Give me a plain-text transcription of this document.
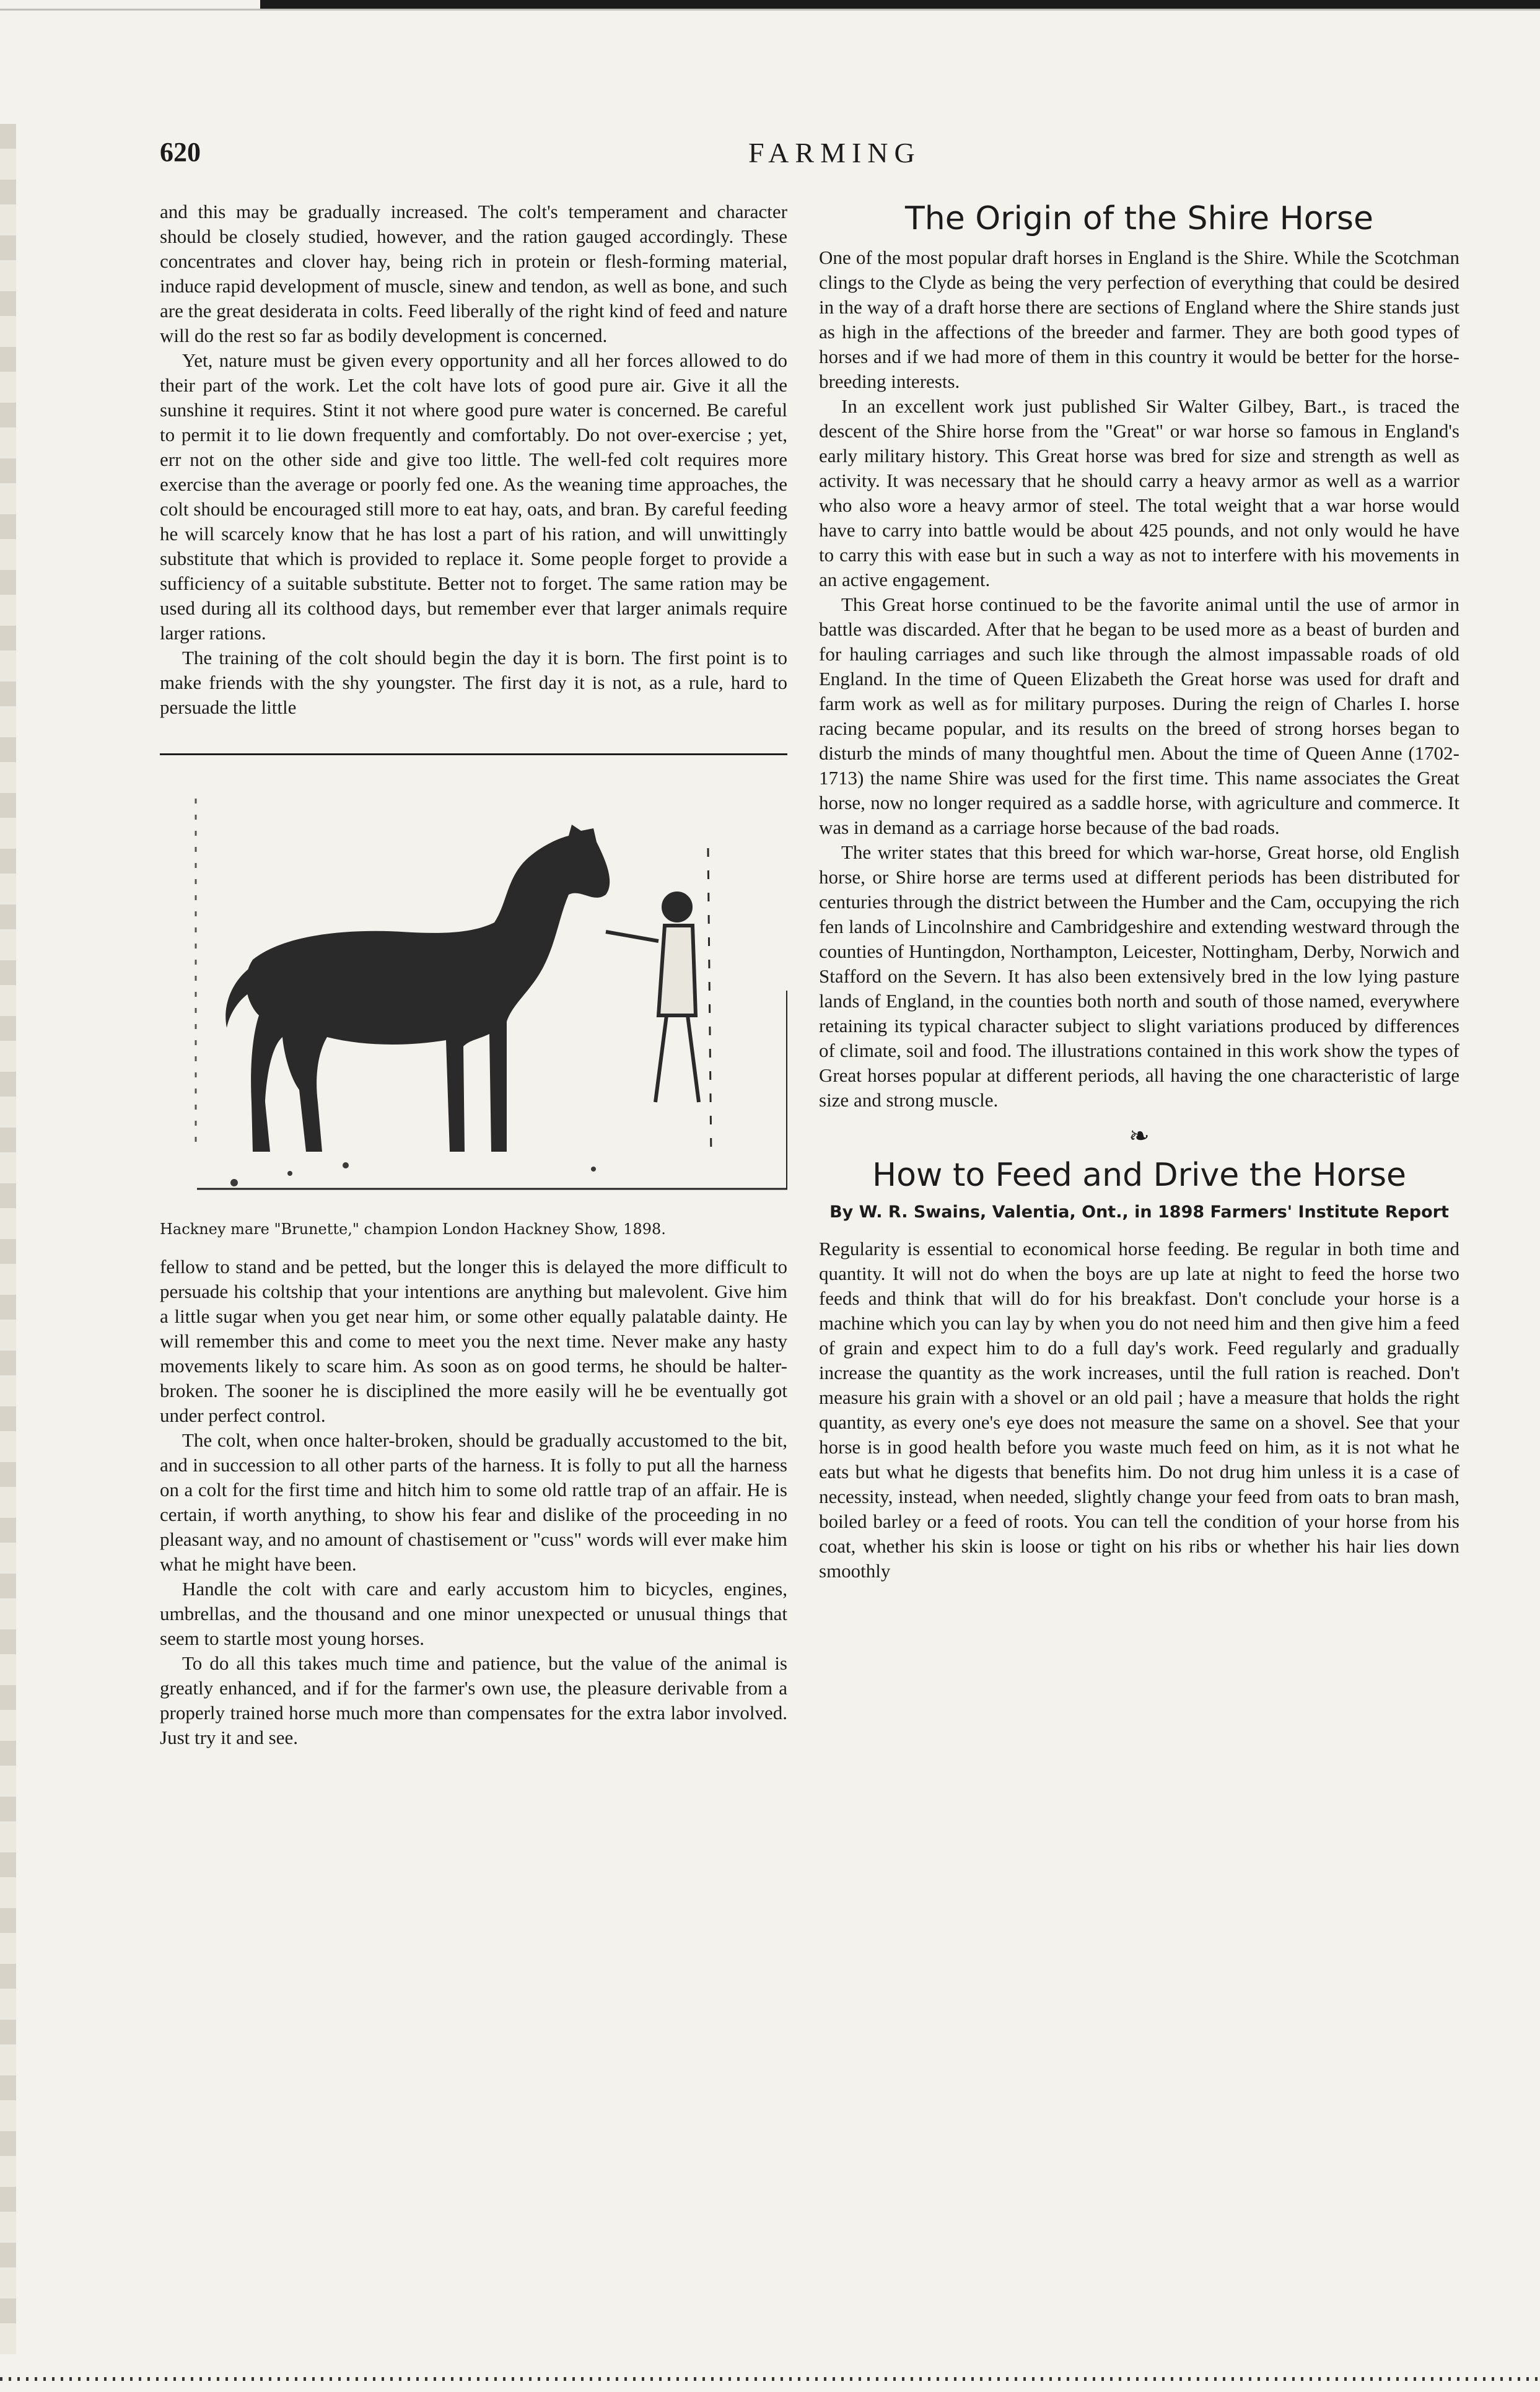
620	FARMING

and this may be gradually increased. The colt's temperament and character should be closely studied, however, and the ration gauged accordingly. These concentrates and clover hay, being rich in protein or flesh-forming material, induce rapid development of muscle, sinew and tendon, as well as bone, and such are the great desiderata in colts. Feed liberally of the right kind of feed and nature will do the rest so far as bodily development is concerned.

Yet, nature must be given every opportunity and all her forces allowed to do their part of the work. Let the colt have lots of good pure air. Give it all the sunshine it requires. Stint it not where good pure water is concerned. Be careful to permit it to lie down frequently and comfortably. Do not over-exercise ; yet, err not on the other side and give too little. The well-fed colt requires more exercise than the average or poorly fed one. As the weaning time approaches, the colt should be encouraged still more to eat hay, oats, and bran. By careful feeding he will scarcely know that he has lost a part of his ration, and will unwittingly substitute that which is provided to replace it. Some people forget to provide a sufficiency of a suitable substitute. Better not to forget. The same ration may be used during all its colthood days, but remember ever that larger animals require larger rations.

The training of the colt should begin the day it is born. The first point is to make friends with the shy youngster. The first day it is not, as a rule, hard to persuade the little

Hackney mare "Brunette," champion London Hackney Show, 1898.

fellow to stand and be petted, but the longer this is delayed the more difficult to persuade his coltship that your intentions are anything but malevolent. Give him a little sugar when you get near him, or some other equally palatable dainty. He will remember this and come to meet you the next time. Never make any hasty movements likely to scare him. As soon as on good terms, he should be halter-broken. The sooner he is disciplined the more easily will he be eventually got under perfect control.

The colt, when once halter-broken, should be gradually accustomed to the bit, and in succession to all other parts of the harness. It is folly to put all the harness on a colt for the first time and hitch him to some old rattle trap of an affair. He is certain, if worth anything, to show his fear and dislike of the proceeding in no pleasant way, and no amount of chastisement or "cuss" words will ever make him what he might have been.

Handle the colt with care and early accustom him to bicycles, engines, umbrellas, and the thousand and one minor unexpected or unusual things that seem to startle most young horses.

To do all this takes much time and patience, but the value of the animal is greatly enhanced, and if for the farmer's own use, the pleasure derivable from a properly trained horse much more than compensates for the extra labor involved. Just try it and see.

The Origin of the Shire Horse

One of the most popular draft horses in England is the Shire. While the Scotchman clings to the Clyde as being the very perfection of everything that could be desired in the way of a draft horse there are sections of England where the Shire stands just as high in the affections of the breeder and farmer. They are both good types of horses and if we had more of them in this country it would be better for the horse-breeding interests.

In an excellent work just published Sir Walter Gilbey, Bart., is traced the descent of the Shire horse from the "Great" or war horse so famous in England's early military history. This Great horse was bred for size and strength as well as activity. It was necessary that he should carry a heavy armor as well as a warrior who also wore a heavy armor of steel. The total weight that a war horse would have to carry into battle would be about 425 pounds, and not only would he have to carry this with ease but in such a way as not to interfere with his movements in an active engagement.

This Great horse continued to be the favorite animal until the use of armor in battle was discarded. After that he began to be used more as a beast of burden and for hauling carriages and such like through the almost impassable roads of old England. In the time of Queen Elizabeth the Great horse was used for draft and farm work as well as for military purposes. During the reign of Charles I. horse racing became popular, and its results on the breed of strong horses began to disturb the minds of many thoughtful men. About the time of Queen Anne (1702-1713) the name Shire was used for the first time. This name associates the Great horse, now no longer required as a saddle horse, with agriculture and commerce. It was in demand as a carriage horse because of the bad roads.

The writer states that this breed for which war-horse, Great horse, old English horse, or Shire horse are terms used at different periods has been distributed for centuries through the district between the Humber and the Cam, occupying the rich fen lands of Lincolnshire and Cambridgeshire and extending westward through the counties of Huntingdon, Northampton, Leicester, Nottingham, Derby, Norwich and Stafford on the Severn. It has also been extensively bred in the low lying pasture lands of England, in the counties both north and south of those named, everywhere retaining its typical character subject to slight variations produced by differences of climate, soil and food. The illustrations contained in this work show the types of Great horses popular at different periods, all having the one characteristic of large size and strong muscle.

❧
How to Feed and Drive the Horse
By W. R. Swains, Valentia, Ont., in 1898 Farmers' Institute Report

Regularity is essential to economical horse feeding. Be regular in both time and quantity. It will not do when the boys are up late at night to feed the horse two feeds and think that will do for his breakfast. Don't conclude your horse is a machine which you can lay by when you do not need him and then give him a feed of grain and expect him to do a full day's work. Feed regularly and gradually increase the quantity as the work increases, until the full ration is reached. Don't measure his grain with a shovel or an old pail ; have a measure that holds the right quantity, as every one's eye does not measure the same on a shovel. See that your horse is in good health before you waste much feed on him, as it is not what he eats but what he digests that benefits him. Do not drug him unless it is a case of necessity, instead, when needed, slightly change your feed from oats to bran mash, boiled barley or a feed of roots. You can tell the condition of your horse from his coat, whether his skin is loose or tight on his ribs or whether his hair lies down smoothly
